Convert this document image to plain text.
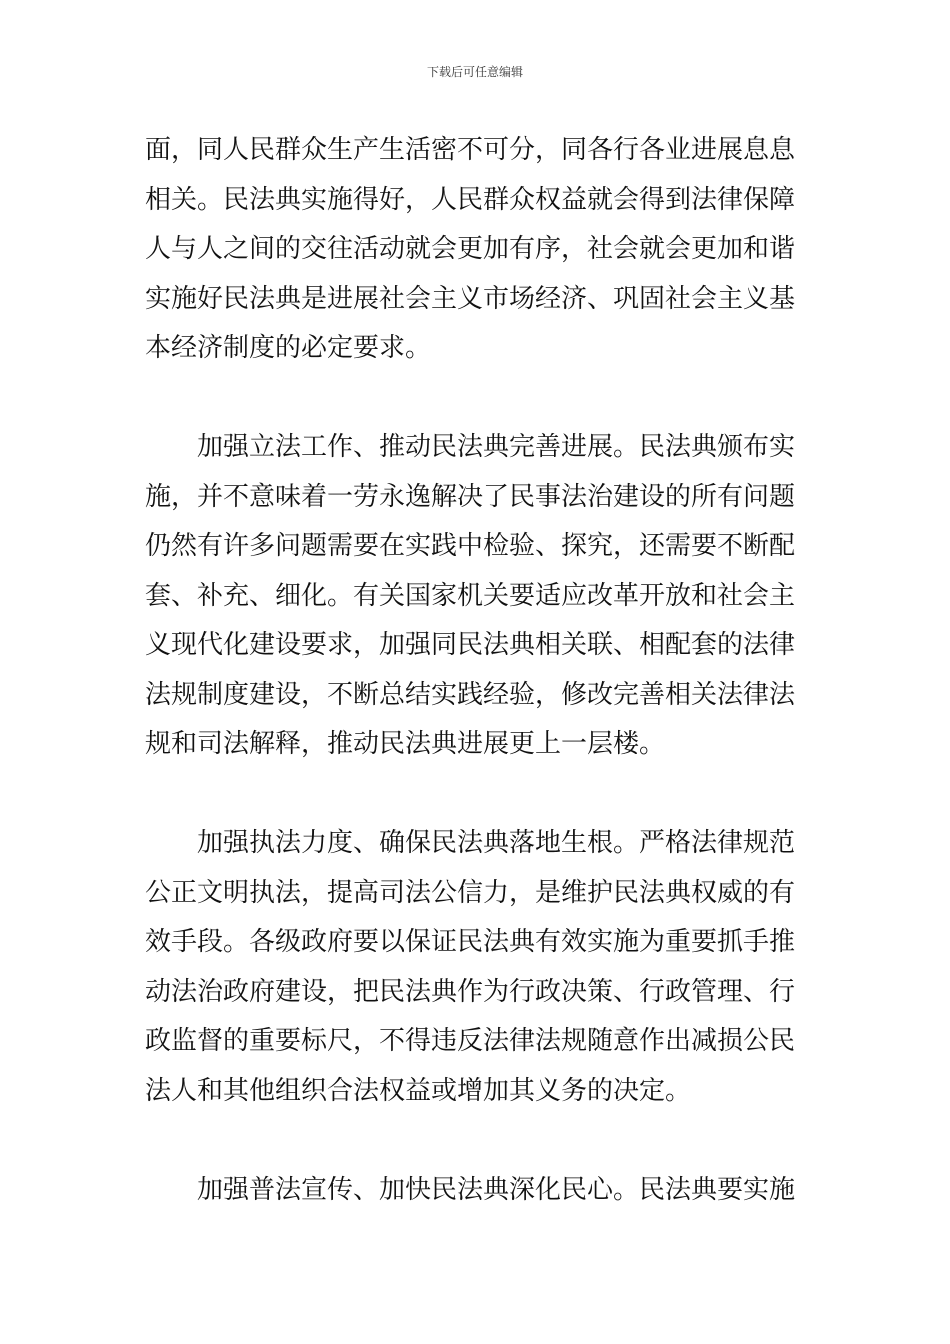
下载后可任意编辑
面，同人民群众生产生活密不可分，同各行各业进展息息
相关。民法典实施得好，人民群众权益就会得到法律保障
人与人之间的交往活动就会更加有序，社会就会更加和谐
实施好民法典是进展社会主义市场经济、巩固社会主义基
本经济制度的必定要求。
加强立法工作、推动民法典完善进展。民法典颁布实
施，并不意味着一劳永逸解决了民事法治建设的所有问题
仍然有许多问题需要在实践中检验、探究，还需要不断配
套、补充、细化。有关国家机关要适应改革开放和社会主
义现代化建设要求，加强同民法典相关联、相配套的法律
法规制度建设，不断总结实践经验，修改完善相关法律法
规和司法解释，推动民法典进展更上一层楼。
加强执法力度、确保民法典落地生根。严格法律规范
公正文明执法，提高司法公信力，是维护民法典权威的有
效手段。各级政府要以保证民法典有效实施为重要抓手推
动法治政府建设，把民法典作为行政决策、行政管理、行
政监督的重要标尺，不得违反法律法规随意作出减损公民
法人和其他组织合法权益或增加其义务的决定。
加强普法宣传、加快民法典深化民心。民法典要实施
